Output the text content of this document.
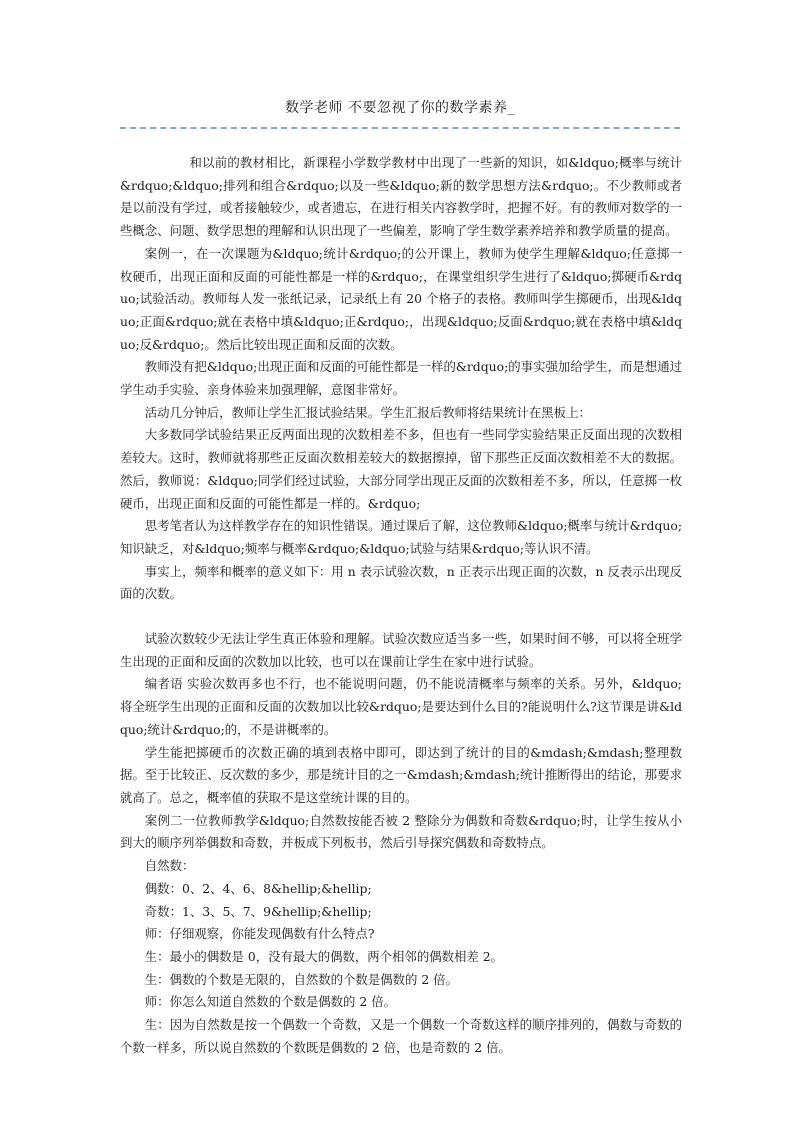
数学老师 不要忽视了你的数学素养_

和以前的教材相比，新课程小学数学教材中出现了一些新的知识，如&ldquo;概率与统计&rdquo;&ldquo;排列和组合&rdquo;以及一些&ldquo;新的数学思想方法&rdquo;。不少教师或者是以前没有学过，或者接触较少，或者遗忘，在进行相关内容教学时，把握不好。有的教师对数学的一些概念、问题、数学思想的理解和认识出现了一些偏差，影响了学生数学素养培养和教学质量的提高。

案例一，在一次课题为&ldquo;统计&rdquo;的公开课上，教师为使学生理解&ldquo;任意掷一枚硬币，出现正面和反面的可能性都是一样的&rdquo;，在课堂组织学生进行了&ldquo;掷硬币&rdquo;试验活动。教师每人发一张纸记录，记录纸上有 20 个格子的表格。教师叫学生掷硬币，出现&ldquo;正面&rdquo;就在表格中填&ldquo;正&rdquo;，出现&ldquo;反面&rdquo;就在表格中填&ldquo;反&rdquo;。然后比较出现正面和反面的次数。

教师没有把&ldquo;出现正面和反面的可能性都是一样的&rdquo;的事实强加给学生，而是想通过学生动手实验、亲身体验来加强理解，意图非常好。

活动几分钟后，教师让学生汇报试验结果。学生汇报后教师将结果统计在黑板上：

大多数同学试验结果正反两面出现的次数相差不多，但也有一些同学实验结果正反面出现的次数相差较大。这时，教师就将那些正反面次数相差较大的数据擦掉，留下那些正反面次数相差不大的数据。然后，教师说：&ldquo;同学们经过试验，大部分同学出现正反面的次数相差不多，所以，任意掷一枚硬币，出现正面和反面的可能性都是一样的。&rdquo;

思考笔者认为这样教学存在的知识性错误。通过课后了解，这位教师&ldquo;概率与统计&rdquo;知识缺乏，对&ldquo;频率与概率&rdquo;&ldquo;试验与结果&rdquo;等认识不清。

事实上，频率和概率的意义如下：用 n 表示试验次数，n 正表示出现正面的次数，n 反表示出现反面的次数。

试验次数较少无法让学生真正体验和理解。试验次数应适当多一些，如果时间不够，可以将全班学生出现的正面和反面的次数加以比较，也可以在课前让学生在家中进行试验。

编者语 实验次数再多也不行，也不能说明问题，仍不能说清概率与频率的关系。另外，&ldquo;将全班学生出现的正面和反面的次数加以比较&rdquo;是要达到什么目的?能说明什么?这节课是讲&ldquo;统计&rdquo;的，不是讲概率的。

学生能把掷硬币的次数正确的填到表格中即可，即达到了统计的目的&mdash;&mdash;整理数据。至于比较正、反次数的多少，那是统计目的之一&mdash;&mdash;统计推断得出的结论，那要求就高了。总之，概率值的获取不是这堂统计课的目的。

案例二一位教师教学&ldquo;自然数按能否被 2 整除分为偶数和奇数&rdquo;时，让学生按从小到大的顺序列举偶数和奇数，并板成下列板书，然后引导探究偶数和奇数特点。

自然数：

偶数：0、2、4、6、8&hellip;&hellip;

奇数：1、3、5、7、9&hellip;&hellip;

师：仔细观察，你能发现偶数有什么特点?

生：最小的偶数是 0，没有最大的偶数，两个相邻的偶数相差 2。

生：偶数的个数是无限的，自然数的个数是偶数的 2 倍。

师：你怎么知道自然数的个数是偶数的 2 倍。

生：因为自然数是按一个偶数一个奇数，又是一个偶数一个奇数这样的顺序排列的，偶数与奇数的个数一样多，所以说自然数的个数既是偶数的 2 倍，也是奇数的 2 倍。
